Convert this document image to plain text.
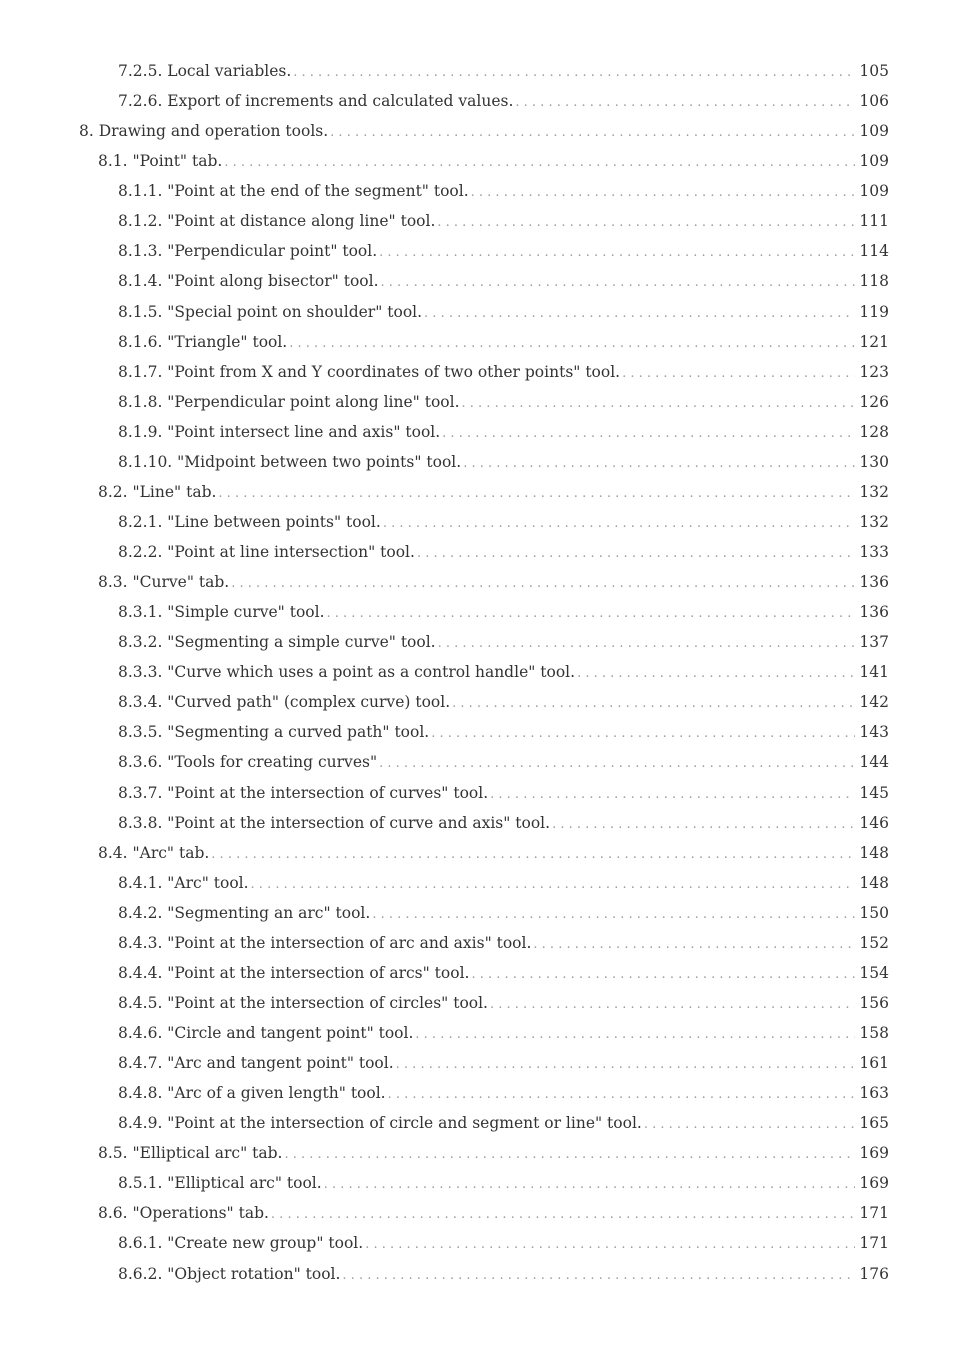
7.2.5. Local variables. . . .	105
7.2.6. Export of increments and calculated values. . . .	106
8. Drawing and operation tools. . . .	109
8.1. "Point" tab. . . .	109
8.1.1. "Point at the end of the segment" tool. . . .	109
8.1.2. "Point at distance along line" tool. . . .	111
8.1.3. "Perpendicular point" tool. . . .	114
8.1.4. "Point along bisector" tool. . . .	118
8.1.5. "Special point on shoulder" tool. . . .	119
8.1.6. "Triangle" tool. . . .	121
8.1.7. "Point from X and Y coordinates of two other points" tool. . . .	123
8.1.8. "Perpendicular point along line" tool. . . .	126
8.1.9. "Point intersect line and axis" tool. . . .	128
8.1.10. "Midpoint between two points" tool. . . .	130
8.2. "Line" tab. . . .	132
8.2.1. "Line between points" tool. . . .	132
8.2.2. "Point at line intersection" tool. . . .	133
8.3. "Curve" tab. . . .	136
8.3.1. "Simple curve" tool. . . .	136
8.3.2. "Segmenting a simple curve" tool. . . .	137
8.3.3. "Curve which uses a point as a control handle" tool. . . .	141
8.3.4. "Curved path" (complex curve) tool. . . .	142
8.3.5. "Segmenting a curved path" tool. . . .	143
8.3.6. "Tools for creating curves" . . .	144
8.3.7. "Point at the intersection of curves" tool. . . .	145
8.3.8. "Point at the intersection of curve and axis" tool. . . .	146
8.4. "Arc" tab. . . .	148
8.4.1. "Arc" tool. . . .	148
8.4.2. "Segmenting an arc" tool. . . .	150
8.4.3. "Point at the intersection of arc and axis" tool. . . .	152
8.4.4. "Point at the intersection of arcs" tool. . . .	154
8.4.5. "Point at the intersection of circles" tool. . . .	156
8.4.6. "Circle and tangent point" tool. . . .	158
8.4.7. "Arc and tangent point" tool. . . .	161
8.4.8. "Arc of a given length" tool. . . .	163
8.4.9. "Point at the intersection of circle and segment or line" tool. . . .	165
8.5. "Elliptical arc" tab. . . .	169
8.5.1. "Elliptical arc" tool. . . .	169
8.6. "Operations" tab. . . .	171
8.6.1. "Create new group" tool. . . .	171
8.6.2. "Object rotation" tool. . . .	176
